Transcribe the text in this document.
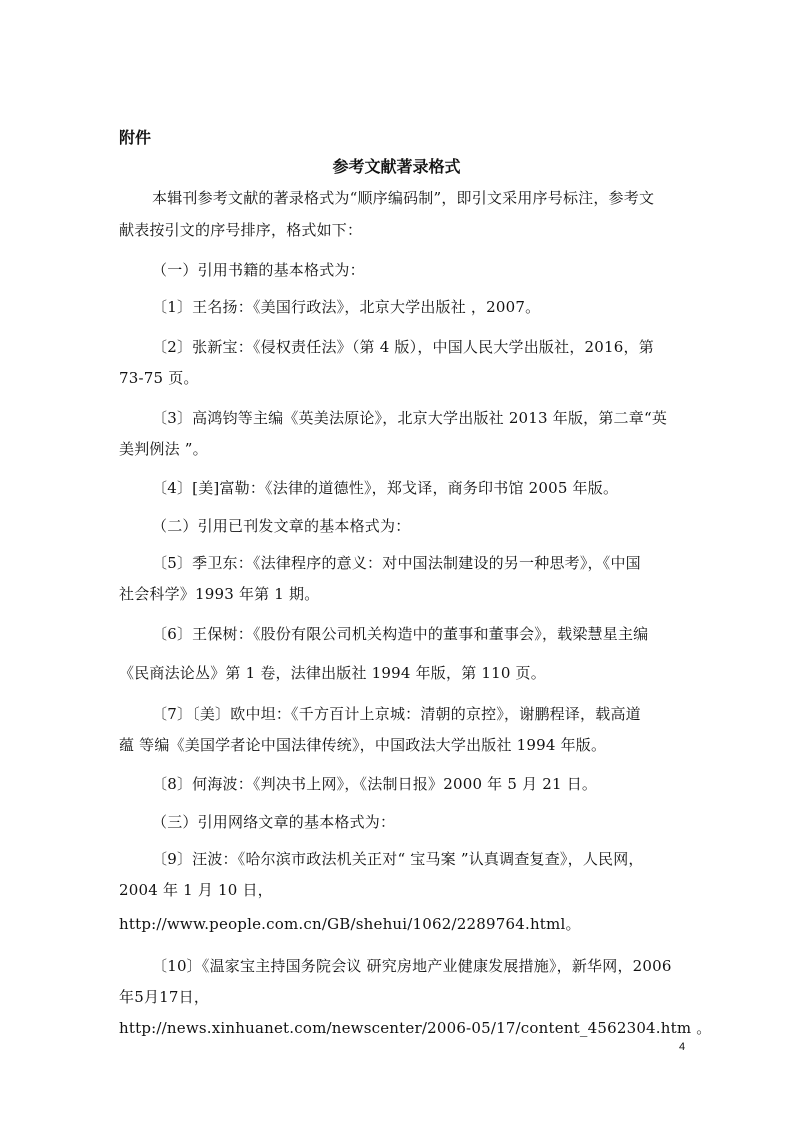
附件
参考文献著录格式
本辑刊参考文献的著录格式为“顺序编码制”，即引文采用序号标注，参考文
献表按引文的序号排序，格式如下：
（一）引用书籍的基本格式为：
〔1〕王名扬：《美国行政法》，北京大学出版社 ，2007。
〔2〕张新宝：《侵权责任法》（第 4 版），中国人民大学出版社，2016，第
73-75 页。
〔3〕高鸿钧等主编《英美法原论》，北京大学出版社 2013 年版，第二章“英
美判例法 ”。
〔4〕[美]富勒：《法律的道德性》，郑戈译，商务印书馆 2005 年版。
（二）引用已刊发文章的基本格式为：
〔5〕季卫东：《法律程序的意义：对中国法制建设的另一种思考》，《中国
社会科学》1993 年第 1 期。
〔6〕王保树：《股份有限公司机关构造中的董事和董事会》，载梁慧星主编
《民商法论丛》第 1 卷，法律出版社 1994 年版，第 110 页。
〔7〕〔美〕欧中坦：《千方百计上京城：清朝的京控》，谢鹏程译，载高道
蕴 等编《美国学者论中国法律传统》，中国政法大学出版社 1994 年版。
〔8〕何海波：《判决书上网》，《法制日报》2000 年 5 月 21 日。
（三）引用网络文章的基本格式为：
〔9〕汪波：《哈尔滨市政法机关正对“ 宝马案 ”认真调查复查》，人民网，
2004 年 1 月 10 日，
http://www.people.com.cn/GB/shehui/1062/2289764.html。
〔10〕《温家宝主持国务院会议 研究房地产业健康发展措施》，新华网，2006
年5月17日，
http://news.xinhuanet.com/newscenter/2006-05/17/content_4562304.htm 。
4
